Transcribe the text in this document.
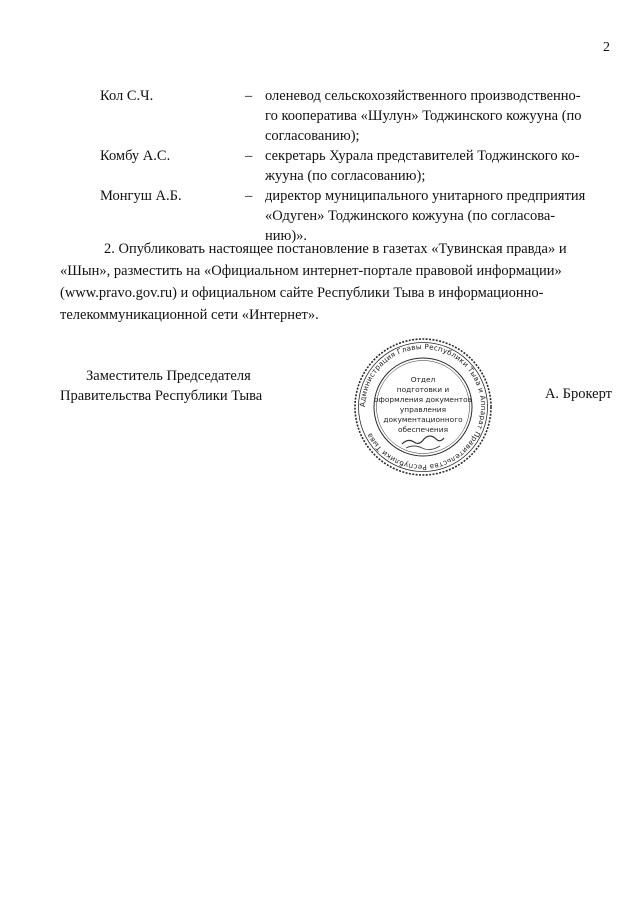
2
Кол С.Ч.	– оленевод сельскохозяйственного производственно-
го кооператива «Шулун» Тоджинского кожууна (по
согласованию);
Комбу А.С.	– секретарь Хурала представителей Тоджинского ко-
жууна (по согласованию);
Монгуш А.Б.	– директор муниципального унитарного предприятия
«Одуген» Тоджинского кожууна (по согласова-
нию)».
2. Опубликовать настоящее постановление в газетах «Тувинская правда» и
«Шын», разместить на «Официальном интернет-портале правовой информации»
(www.pravo.gov.ru) и официальном сайте Республики Тыва в информационно-
телекоммуникационной сети «Интернет».
Заместитель Председателя
Правительства Республики Тыва
Администрация Главы Республики Тыва и Аппарат Правительства Республики Тыва
Отдел
подготовки и
оформления документов
управления
документационного
обеспечения
А. Брокерт
